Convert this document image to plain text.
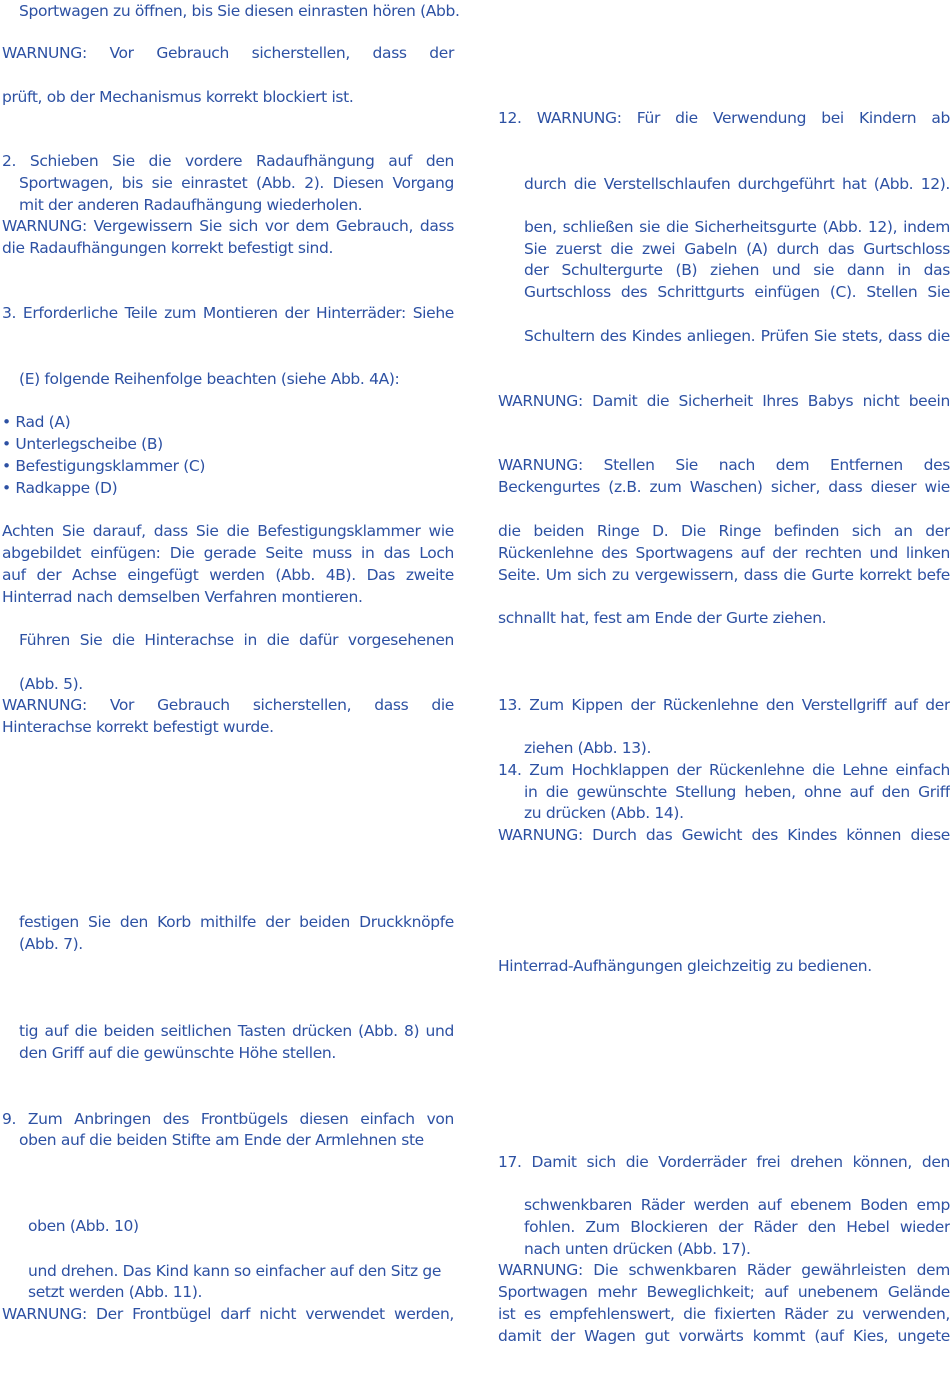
Sportwagen zu öffnen, bis Sie diesen einrasten hören (Abb.
WARNUNG: Vor Gebrauch sicherstellen, dass der
prüft, ob der Mechanismus korrekt blockiert ist.
2. Schieben Sie die vordere Radaufhängung auf den
Sportwagen, bis sie einrastet (Abb. 2). Diesen Vorgang
mit der anderen Radaufhängung wiederholen.
WARNUNG: Vergewissern Sie sich vor dem Gebrauch, dass
die Radaufhängungen korrekt befestigt sind.
3. Erforderliche Teile zum Montieren der Hinterräder: Siehe
(E) folgende Reihenfolge beachten (siehe Abb. 4A):
• Rad (A)
• Unterlegscheibe (B)
• Befestigungsklammer (C)
• Radkappe (D)
Achten Sie darauf, dass Sie die Befestigungsklammer wie
abgebildet einfügen: Die gerade Seite muss in das Loch
auf der Achse eingefügt werden (Abb. 4B). Das zweite
Hinterrad nach demselben Verfahren montieren.
Führen Sie die Hinterachse in die dafür vorgesehenen
(Abb. 5).
WARNUNG: Vor Gebrauch sicherstellen, dass die
Hinterachse korrekt befestigt wurde.
festigen Sie den Korb mithilfe der beiden Druckknöpfe
(Abb. 7).
tig auf die beiden seitlichen Tasten drücken (Abb. 8) und
den Griff auf die gewünschte Höhe stellen.
9. Zum Anbringen des Frontbügels diesen einfach von
oben auf die beiden Stifte am Ende der Armlehnen ste
oben (Abb. 10)
und drehen. Das Kind kann so einfacher auf den Sitz ge
setzt werden (Abb. 11).
WARNUNG: Der Frontbügel darf nicht verwendet werden,
12. WARNUNG: Für die Verwendung bei Kindern ab
durch die Verstellschlaufen durchgeführt hat (Abb. 12).
ben, schließen sie die Sicherheitsgurte (Abb. 12), indem
Sie zuerst die zwei Gabeln (A) durch das Gurtschloss
der Schultergurte (B) ziehen und sie dann in das
Gurtschloss des Schrittgurts einfügen (C). Stellen Sie
Schultern des Kindes anliegen. Prüfen Sie stets, dass die
WARNUNG: Damit die Sicherheit Ihres Babys nicht beein
WARNUNG: Stellen Sie nach dem Entfernen des
Beckengurtes (z.B. zum Waschen) sicher, dass dieser wie
die beiden Ringe D. Die Ringe befinden sich an der
Rückenlehne des Sportwagens auf der rechten und linken
Seite. Um sich zu vergewissern, dass die Gurte korrekt befe
schnallt hat, fest am Ende der Gurte ziehen.
13. Zum Kippen der Rückenlehne den Verstellgriff auf der
ziehen (Abb. 13).
14. Zum Hochklappen der Rückenlehne die Lehne einfach
in die gewünschte Stellung heben, ohne auf den Griff
zu drücken (Abb. 14).
WARNUNG: Durch das Gewicht des Kindes können diese
Hinterrad-Aufhängungen gleichzeitig zu bedienen.
17. Damit sich die Vorderräder frei drehen können, den
schwenkbaren Räder werden auf ebenem Boden emp
fohlen. Zum Blockieren der Räder den Hebel wieder
nach unten drücken (Abb. 17).
WARNUNG: Die schwenkbaren Räder gewährleisten dem
Sportwagen mehr Beweglichkeit; auf unebenem Gelände
ist es empfehlenswert, die fixierten Räder zu verwenden,
damit der Wagen gut vorwärts kommt (auf Kies, ungete
